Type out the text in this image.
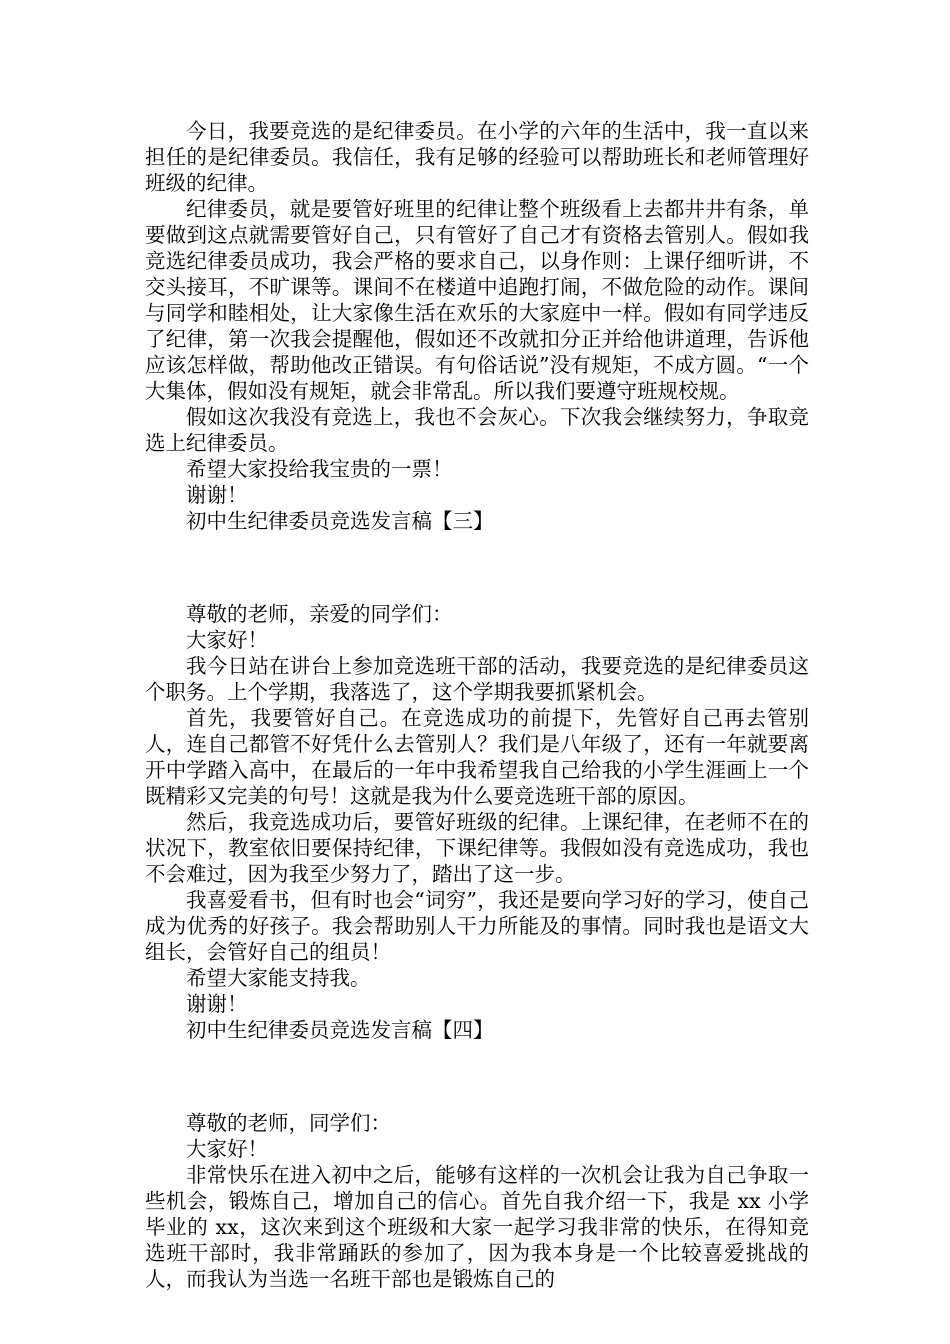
今日，我要竞选的是纪律委员。在小学的六年的生活中，我一直以来担任的是纪律委员。我信任，我有足够的经验可以帮助班长和老师管理好班级的纪律。

纪律委员，就是要管好班里的纪律让整个班级看上去都井井有条，单要做到这点就需要管好自己，只有管好了自己才有资格去管别人。假如我竞选纪律委员成功，我会严格的要求自己，以身作则：上课仔细听讲，不交头接耳，不旷课等。课间不在楼道中追跑打闹，不做危险的动作。课间与同学和睦相处，让大家像生活在欢乐的大家庭中一样。假如有同学违反了纪律，第一次我会提醒他，假如还不改就扣分正并给他讲道理，告诉他应该怎样做，帮助他改正错误。有句俗话说”没有规矩，不成方圆。“一个大集体，假如没有规矩，就会非常乱。所以我们要遵守班规校规。

假如这次我没有竞选上，我也不会灰心。下次我会继续努力，争取竞选上纪律委员。

希望大家投给我宝贵的一票！

谢谢！

初中生纪律委员竞选发言稿【三】

尊敬的老师，亲爱的同学们：

大家好！

我今日站在讲台上参加竞选班干部的活动，我要竞选的是纪律委员这个职务。上个学期，我落选了，这个学期我要抓紧机会。

首先，我要管好自己。在竞选成功的前提下，先管好自己再去管别人，连自己都管不好凭什么去管别人？我们是八年级了，还有一年就要离开中学踏入高中，在最后的一年中我希望我自己给我的小学生涯画上一个既精彩又完美的句号！这就是我为什么要竞选班干部的原因。

然后，我竞选成功后，要管好班级的纪律。上课纪律，在老师不在的状况下，教室依旧要保持纪律，下课纪律等。我假如没有竞选成功，我也不会难过，因为我至少努力了，踏出了这一步。

我喜爱看书，但有时也会“词穷”，我还是要向学习好的学习，使自己成为优秀的好孩子。我会帮助别人干力所能及的事情。同时我也是语文大组长，会管好自己的组员！

希望大家能支持我。

谢谢！

初中生纪律委员竞选发言稿【四】

尊敬的老师，同学们：

大家好！

非常快乐在进入初中之后，能够有这样的一次机会让我为自己争取一些机会，锻炼自己，增加自己的信心。首先自我介绍一下，我是 xx 小学毕业的 xx，这次来到这个班级和大家一起学习我非常的快乐，在得知竞选班干部时，我非常踊跃的参加了，因为我本身是一个比较喜爱挑战的人，而我认为当选一名班干部也是锻炼自己的
